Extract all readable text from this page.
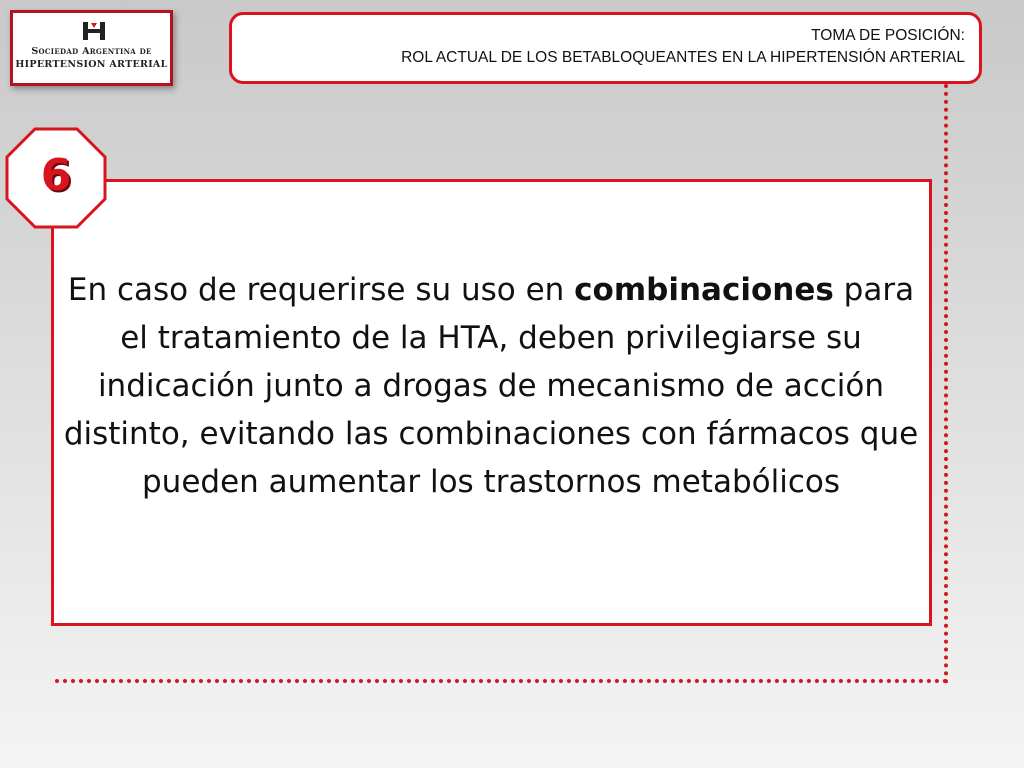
Sociedad Argentina de
HIPERTENSION ARTERIAL
TOMA DE POSICIÓN:
ROL ACTUAL DE LOS BETABLOQUEANTES EN LA HIPERTENSIÓN ARTERIAL
6
En caso de requerirse su uso en combinaciones para el tratamiento de la HTA, deben privilegiarse su indicación junto a drogas de mecanismo de acción distinto, evitando las combinaciones con fármacos que pueden aumentar los trastornos metabólicos
